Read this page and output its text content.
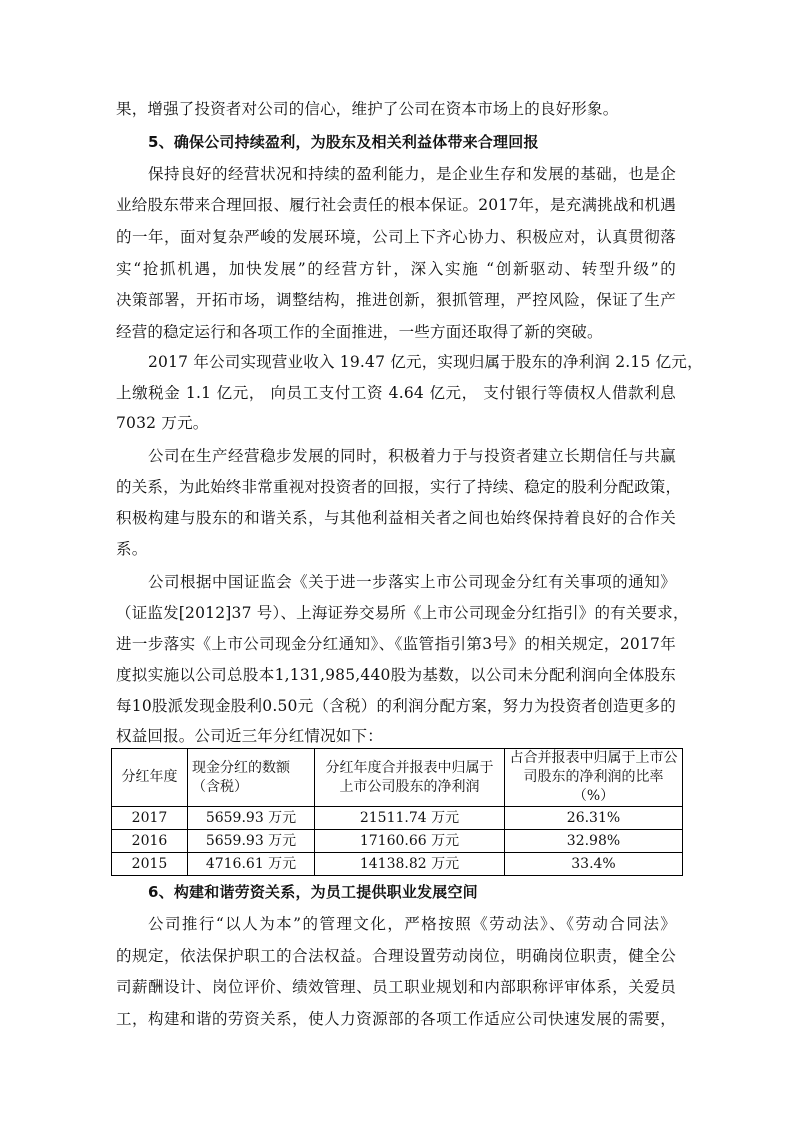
果，增强了投资者对公司的信心，维护了公司在资本市场上的良好形象。
5、确保公司持续盈利，为股东及相关利益体带来合理回报
保持良好的经营状况和持续的盈利能力，是企业生存和发展的基础，也是企
业给股东带来合理回报、履行社会责任的根本保证。2017年，是充满挑战和机遇
的一年，面对复杂严峻的发展环境，公司上下齐心协力、积极应对，认真贯彻落
实“抢抓机遇，加快发展”的经营方针，深入实施 “创新驱动、转型升级”的
决策部署，开拓市场，调整结构，推进创新，狠抓管理，严控风险，保证了生产
经营的稳定运行和各项工作的全面推进，一些方面还取得了新的突破。
2017 年公司实现营业收入 19.47 亿元，实现归属于股东的净利润 2.15 亿元，
上缴税金 1.1 亿元， 向员工支付工资 4.64 亿元， 支付银行等债权人借款利息
7032 万元。
公司在生产经营稳步发展的同时，积极着力于与投资者建立长期信任与共赢
的关系，为此始终非常重视对投资者的回报，实行了持续、稳定的股利分配政策，
积极构建与股东的和谐关系，与其他利益相关者之间也始终保持着良好的合作关
系。
公司根据中国证监会《关于进一步落实上市公司现金分红有关事项的通知》
（证监发[2012]37 号）、上海证券交易所《上市公司现金分红指引》的有关要求，
进一步落实《上市公司现金分红通知》、《监管指引第3号》的相关规定，2017年
度拟实施以公司总股本1,131,985,440股为基数，以公司未分配利润向全体股东
每10股派发现金股利0.50元（含税）的利润分配方案，努力为投资者创造更多的
权益回报。公司近三年分红情况如下：
分红年度	现金分红的数额（含税）	分红年度合并报表中归属于上市公司股东的净利润	占合并报表中归属于上市公司股东的净利润的比率（%）
2017	5659.93 万元	21511.74 万元	26.31%
2016	5659.93 万元	17160.66 万元	32.98%
2015	4716.61 万元	14138.82 万元	33.4%
6、构建和谐劳资关系，为员工提供职业发展空间
公司推行“以人为本”的管理文化，严格按照《劳动法》、《劳动合同法》
的规定，依法保护职工的合法权益。合理设置劳动岗位，明确岗位职责，健全公
司薪酬设计、岗位评价、绩效管理、员工职业规划和内部职称评审体系，关爱员
工，构建和谐的劳资关系，使人力资源部的各项工作适应公司快速发展的需要，
